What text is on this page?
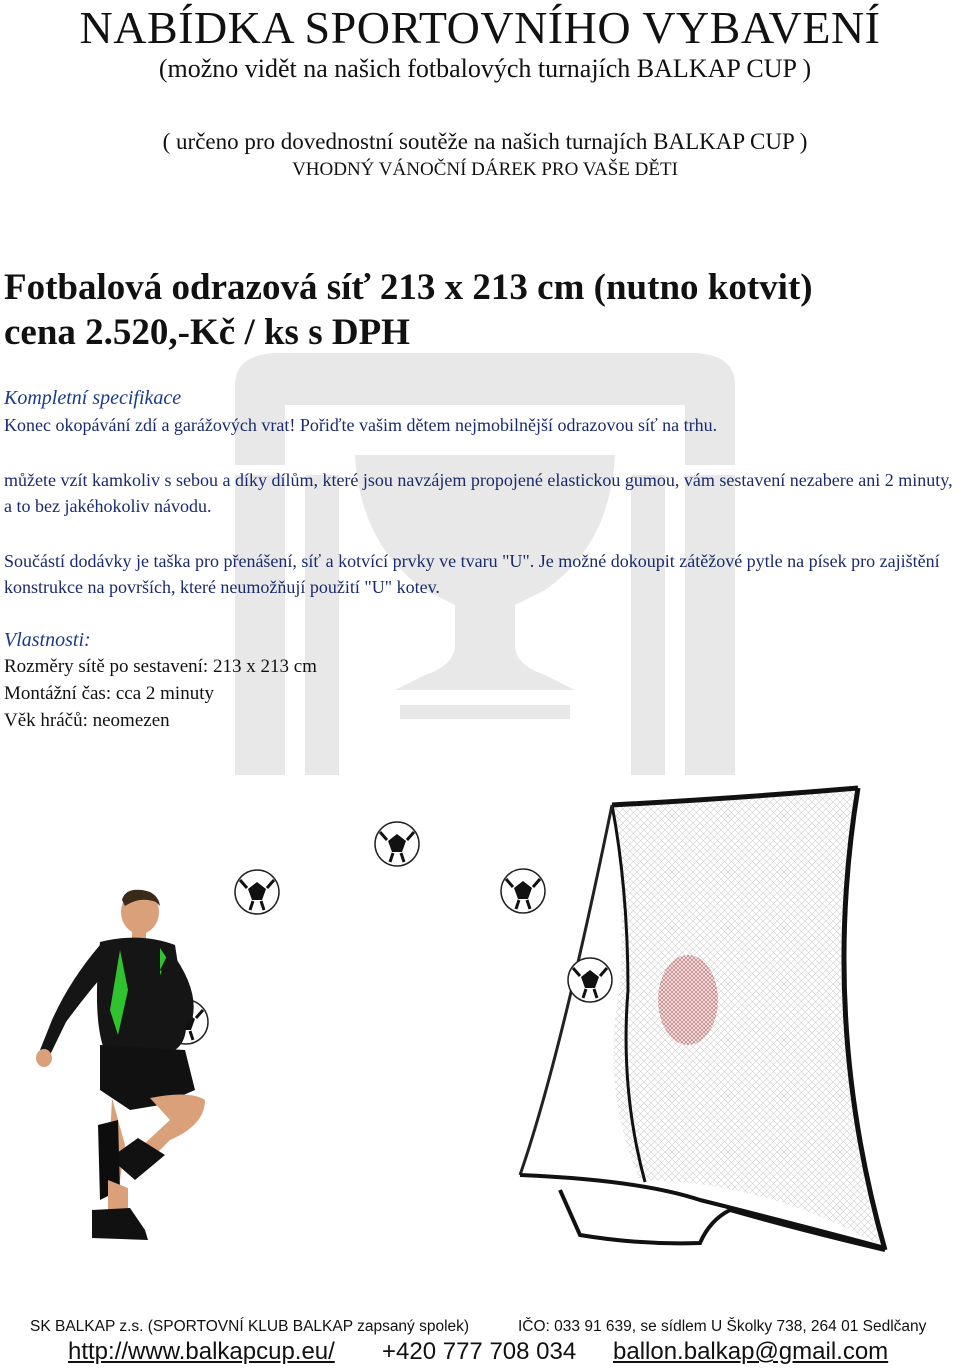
NABÍDKA SPORTOVNÍHO VYBAVENÍ
(možno vidět na našich fotbalových turnajích BALKAP CUP )
( určeno pro dovednostní soutěže na našich turnajích BALKAP CUP )
VHODNÝ VÁNOČNÍ DÁREK PRO VAŠE DĚTI
Fotbalová odrazová síť 213 x 213 cm (nutno kotvit)
cena 2.520,-Kč / ks s DPH
Kompletní specifikace
Konec okopávání zdí a garážových vrat! Pořiďte vašim dětem nejmobilnější odrazovou síť na trhu.
můžete vzít kamkoliv s sebou a díky dílům, které jsou navzájem propojené elastickou gumou, vám sestavení nezabere ani 2 minuty, a to bez jakéhokoliv návodu.
Součástí dodávky je taška pro přenášení, síť a kotvící prvky ve tvaru "U". Je možné dokoupit zátěžové pytle na písek pro zajištění konstrukce na površích, které neumožňují použití "U" kotev.
Vlastnosti:
Rozměry sítě po sestavení: 213 x 213 cm
Montážní čas: cca 2 minuty
Věk hráčů: neomezen
SK BALKAP z.s. (SPORTOVNÍ KLUB BALKAP zapsaný spolek)	IČO: 033 91 639, se sídlem U Školky 738, 264 01 Sedlčany
http://www.balkapcup.eu/ +420 777 708 034 ballon.balkap@gmail.com
